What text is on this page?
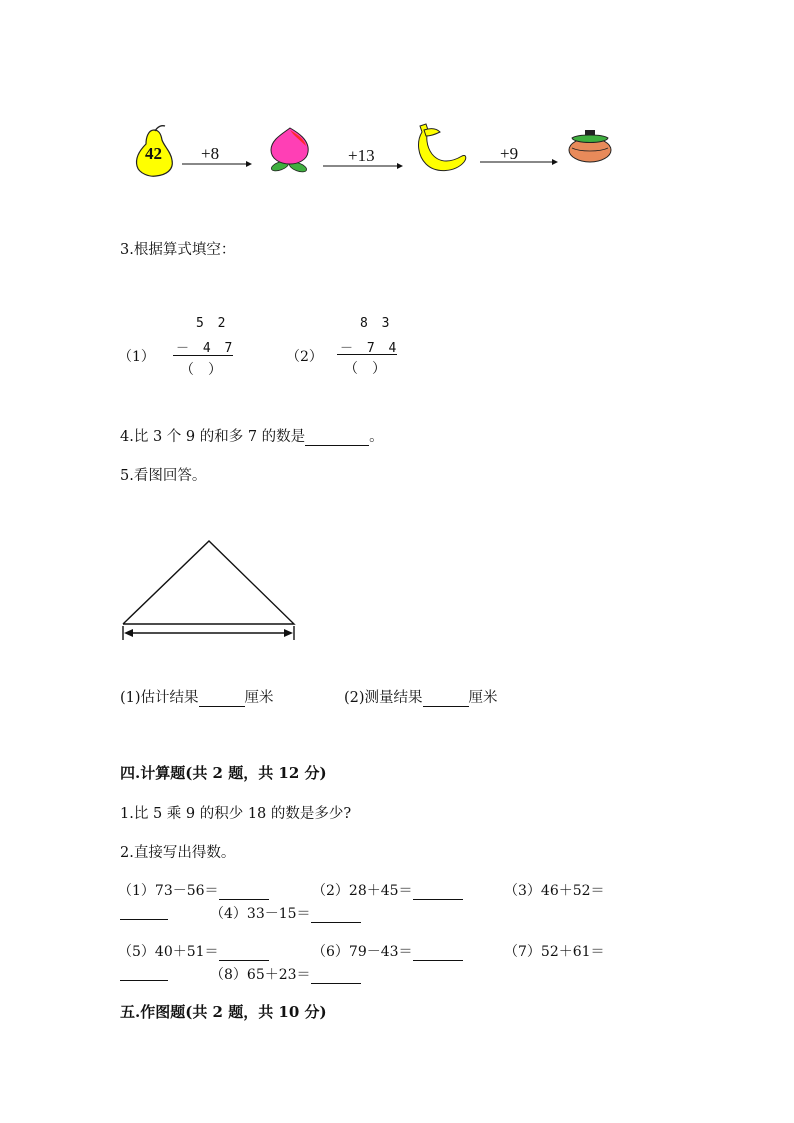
42 +8	+13	+9
3.根据算式填空：
（1）
5 2
－ 4 7
（　）
（2）
8 3
－ 7 4
（　）
4.比 3 个 9 的和多 7 的数是	。
5.看图回答。
(1)估计结果	厘米	(2)测量结果	厘米
四.计算题(共 2 题，共 12 分)
1.比 5 乘 9 的积少 18 的数是多少?
2.直接写出得数。
（1）73－56＝	（2）28＋45＝	（3）46＋52＝

（4）33－15＝
（5）40＋51＝	（6）79－43＝	（7）52＋61＝

（8）65＋23＝
五.作图题(共 2 题，共 10 分)
